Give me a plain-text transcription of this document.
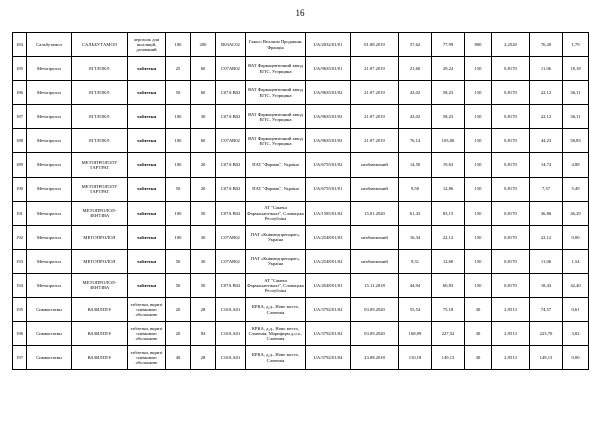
16
184	Сальбутамол	САЛЬБУТАМОЛ	аерозоль для інгаляцій, дозований	100	200	R03AC02	Глаксо Веллком Продакшн, Франція	UA/2032/01/01	01.08.2019	57,62	77,99	800	2,2520	76,20	1,79
185	Метопролол	ЕГІЛОК®	таблетки	25	60	C07AB02	ВАТ Фармацевтичний завод ЕГІС, Угорщина	UA/9635/01/01	21.07.2019	21,60	29,24	150	0,8170	11,06	18,18
186	Метопролол	ЕГІЛОК®	таблетки	50	60	C07A B02	ВАТ Фармацевтичний завод ЕГІС, Угорщина	UA/9635/01/02	21.07.2019	43,02	58,23	150	0,8170	22,12	36,11
187	Метопролол	ЕГІЛОК®	таблетки	100	30	C07A B02	ВАТ Фармацевтичний завод ЕГІС, Угорщина	UA/9635/01/03	21.07.2019	43,02	58,23	150	0,8170	22,12	36,11
188	Метопролол	ЕГІЛОК®	таблетки	100	60	C07AB02	ВАТ Фармацевтичний завод ЕГІС, Угорщина	UA/9635/01/03	21.07.2019	76,14	103,06	150	0,8170	44,23	58,83
189	Метопролол	МЕТОПРОЛОЛУ ТАРТРАТ	таблетки	100	20	C07A B02	ПАТ "Фармак", Україна	UA/6755/01/02	необмежений	14,50	19,63	150	0,8170	14,74	4,88
190	Метопролол	МЕТОПРОЛОЛУ ТАРТРАТ	таблетки	50	20	C07A B02	ПАТ "Фармак", Україна	UA/6755/01/01	необмежений	9,50	12,86	150	0,8170	7,37	5,49
191	Метопролол	МЕТОПРОЛОЛ- ЗЕНТІВА	таблетки	100	50	C07A B02	АТ "Санека Фармасьютікалз", Словацька Республіка	UA/1585/01/02	15.01.2020	61,43	83,15	150	0,8170	36,86	46,29
192	Метопролол	МЕТОПРОЛОЛ	таблетки	100	30	C07AB02	ПАТ «Київмедпрепарат», Україна	UA/2548/01/03	необмежений	16,34	22,12	150	0,8170	22,12	0,00
193	Метопролол	МЕТОПРОЛОЛ	таблетки	50	30	C07AB02	ПАТ «Київмедпрепарат», Україна	UA/2548/01/02	необмежений	9,31	12,60	150	0,8170	11,06	1,54
194	Метопролол	МЕТОПРОЛОЛ- ЗЕНТІВА	таблетки	50	50	C07A B02	АТ "Санека Фармасьютікалз", Словацька Республіка	UA/4548/01/01	15.11.2018	44,94	60,83	150	0,8170	18,43	42,40
195	Симвастатин	ВАЗИЛІП®	таблетки, вкриті плівковою оболонкою	20	28	C10A A01	КРКА, д.д., Ново место, Словенія	UA/3792/01/02	03.09.2020	55,54	75,18	30	2,9513	74,57	0,61
196	Симвастатин	ВАЗИЛІП®	таблетки, вкриті плівковою оболонкою	20	84	C10A A01	КРКА, д.д., Ново место, Словенія; Марифарм д.о.о., Словенія	UA/3792/01/02	03.09.2020	168,09	227,52	30	2,9513	223,70	3,82
197	Симвастатин	ВАЗИЛІП®	таблетки, вкриті плівковою оболонкою	40	28	C10A A01	КРКА, д.д., Ново место, Словенія	UA/3792/01/04	23.08.2018	110,18	149,13	30	2,9513	149,13	0,00
